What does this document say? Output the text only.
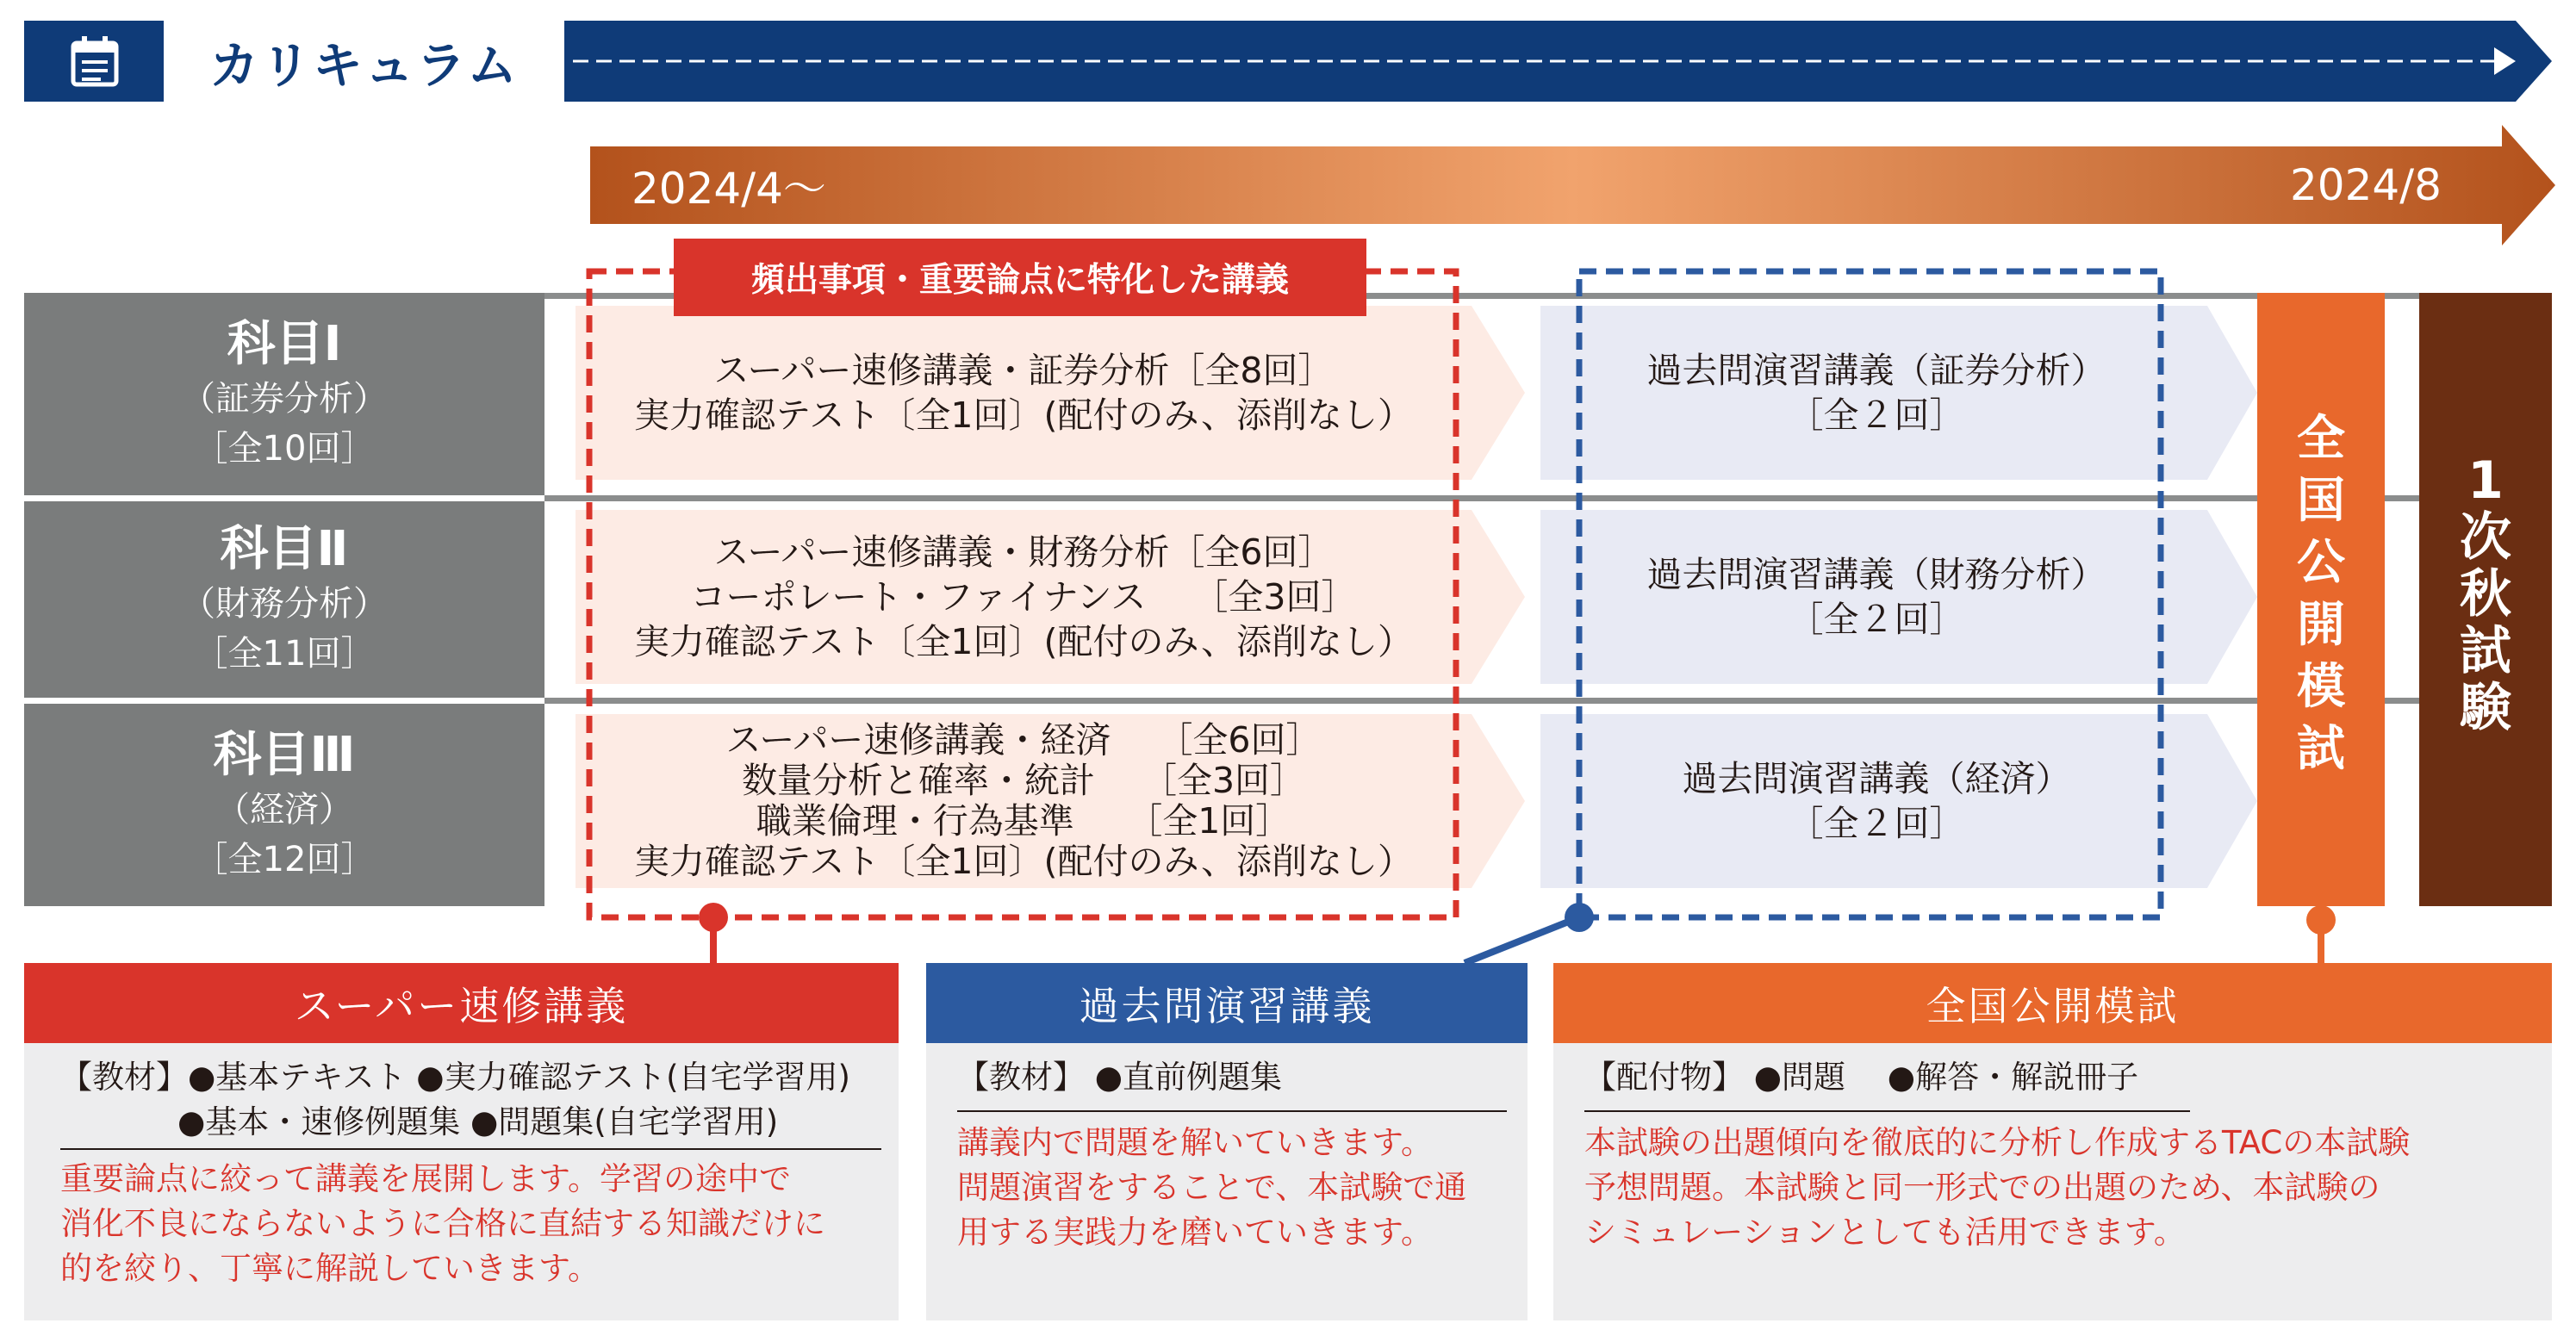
カリキュラム
2024/4～	2024/8
頻出事項・重要論点に特化した講義
科目Ⅰ
（証券分析）
［全10回］
科目Ⅱ
（財務分析）
［全11回］
科目Ⅲ
（経済）
［全12回］
スーパー速修講義・証券分析［全8回］
実力確認テスト〔全1回〕(配付のみ、添削なし）
スーパー速修講義・財務分析［全6回］
コーポレート・ファイナンス　 ［全3回］
実力確認テスト〔全1回〕(配付のみ、添削なし）
スーパー速修講義・経済　 ［全6回］
数量分析と確率・統計　 ［全3回］
職業倫理・行為基準　　［全1回］
実力確認テスト〔全1回〕(配付のみ、添削なし）
過去問演習講義（証券分析）
［全２回］
過去問演習講義（財務分析）
［全２回］
過去問演習講義（経済）
［全２回］
全
国
公
開
模
試
1
次
秋
試
験
スーパー速修講義
【教材】●基本テキスト ●実力確認テスト(自宅学習用)
●基本・速修例題集 ●問題集(自宅学習用)
重要論点に絞って講義を展開します。学習の途中で
消化不良にならないように合格に直結する知識だけに
的を絞り、丁寧に解説していきます。
過去問演習講義
【教材】 ●直前例題集
講義内で問題を解いていきます。
問題演習をすることで、本試験で通
用する実践力を磨いていきます。
全国公開模試
【配付物】 ●問題　 ●解答・解説冊子
本試験の出題傾向を徹底的に分析し作成するTACの本試験
予想問題。本試験と同一形式での出題のため、本試験の
シミュレーションとしても活用できます。
